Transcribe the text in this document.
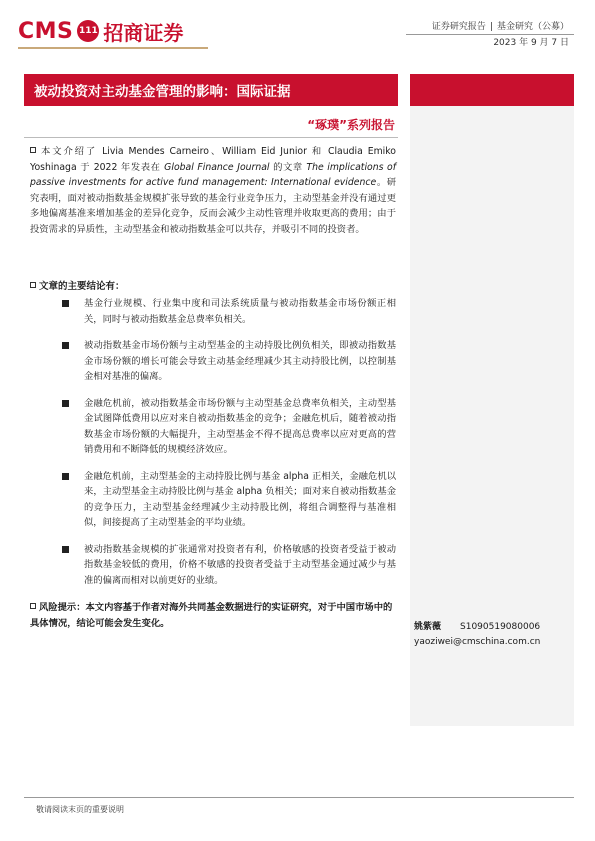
CMS 111 招商证券	证券研究报告 | 基金研究（公募）
2023 年 9 月 7 日
被动投资对主动基金管理的影响：国际证据
“琢璞”系列报告
本文介绍了 Livia Mendes Carneiro、William Eid Junior 和 Claudia Emiko Yoshinaga 于 2022 年发表在 Global Finance Journal 的文章 The implications of passive investments for active fund management: International evidence。研究表明，面对被动指数基金规模扩张导致的基金行业竞争压力，主动型基金并没有通过更多地偏离基准来增加基金的差异化竞争，反而会减少主动性管理并收取更高的费用；由于投资需求的异质性，主动型基金和被动指数基金可以共存，并吸引不同的投资者。
文章的主要结论有：
基金行业规模、行业集中度和司法系统质量与被动指数基金市场份额正相关，同时与被动指数基金总费率负相关。
被动指数基金市场份额与主动型基金的主动持股比例负相关，即被动指数基金市场份额的增长可能会导致主动基金经理减少其主动持股比例，以控制基金相对基准的偏离。
金融危机前，被动指数基金市场份额与主动型基金总费率负相关，主动型基金试图降低费用以应对来自被动指数基金的竞争；金融危机后，随着被动指数基金市场份额的大幅提升，主动型基金不得不提高总费率以应对更高的营销费用和不断降低的规模经济效应。
金融危机前，主动型基金的主动持股比例与基金 alpha 正相关，金融危机以来，主动型基金主动持股比例与基金 alpha 负相关；面对来自被动指数基金的竞争压力，主动型基金经理减少主动持股比例，将组合调整得与基准相似，间接提高了主动型基金的平均业绩。
被动指数基金规模的扩张通常对投资者有利，价格敏感的投资者受益于被动指数基金较低的费用，价格不敏感的投资者受益于主动型基金通过减少与基准的偏离而相对以前更好的业绩。
风险提示：本文内容基于作者对海外共同基金数据进行的实证研究，对于中国市场中的具体情况，结论可能会发生变化。	姚紫薇 S1090519080006
yaoziwei@cmschina.com.cn
敬请阅读末页的重要说明
